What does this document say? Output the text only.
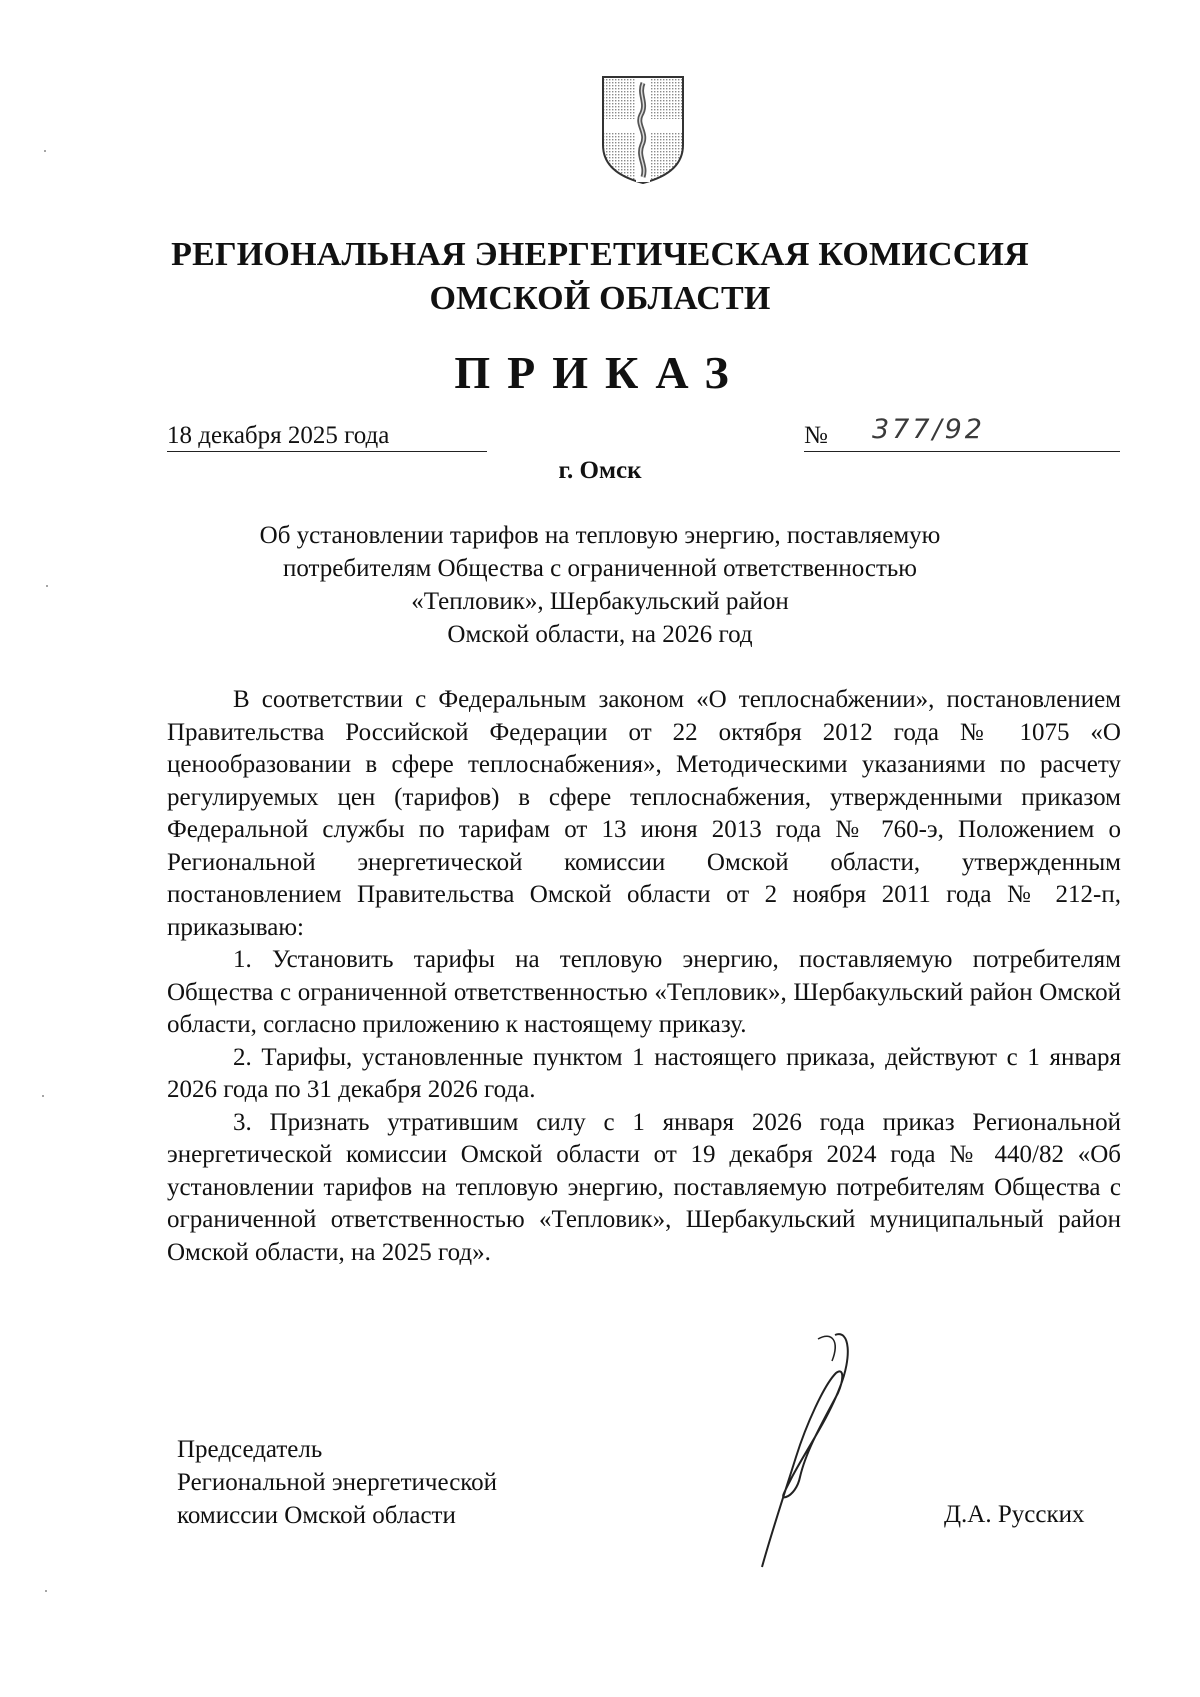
РЕГИОНАЛЬНАЯ ЭНЕРГЕТИЧЕСКАЯ КОМИССИЯ
ОМСКОЙ ОБЛАСТИ
ПРИКАЗ
18 декабря 2025 года	№ 377/92
г. Омск
Об установлении тарифов на тепловую энергию, поставляемую
потребителям Общества с ограниченной ответственностью
«Тепловик», Шербакульский район
Омской области, на 2026 год

В соответствии с Федеральным законом «О теплоснабжении», постановлением Правительства Российской Федерации от 22 октября 2012 года № 1075 «О ценообразовании в сфере теплоснабжения», Методическими указаниями по расчету регулируемых цен (тарифов) в сфере теплоснабжения, утвержденными приказом Федеральной службы по тарифам от 13 июня 2013 года № 760-э, Положением о Региональной энергетической комиссии Омской области, утвержденным постановлением Правительства Омской области от 2 ноября 2011 года № 212-п, приказываю:

1. Установить тарифы на тепловую энергию, поставляемую потребителям Общества с ограниченной ответственностью «Тепловик», Шербакульский район Омской области, согласно приложению к настоящему приказу.

2. Тарифы, установленные пунктом 1 настоящего приказа, действуют с 1 января 2026 года по 31 декабря 2026 года.

3. Признать утратившим силу с 1 января 2026 года приказ Региональной энергетической комиссии Омской области от 19 декабря 2024 года № 440/82 «Об установлении тарифов на тепловую энергию, поставляемую потребителям Общества с ограниченной ответственностью «Тепловик», Шербакульский муниципальный район Омской области, на 2025 год».

Председатель
Региональной энергетической
комиссии Омской области	Д.А. Русских
